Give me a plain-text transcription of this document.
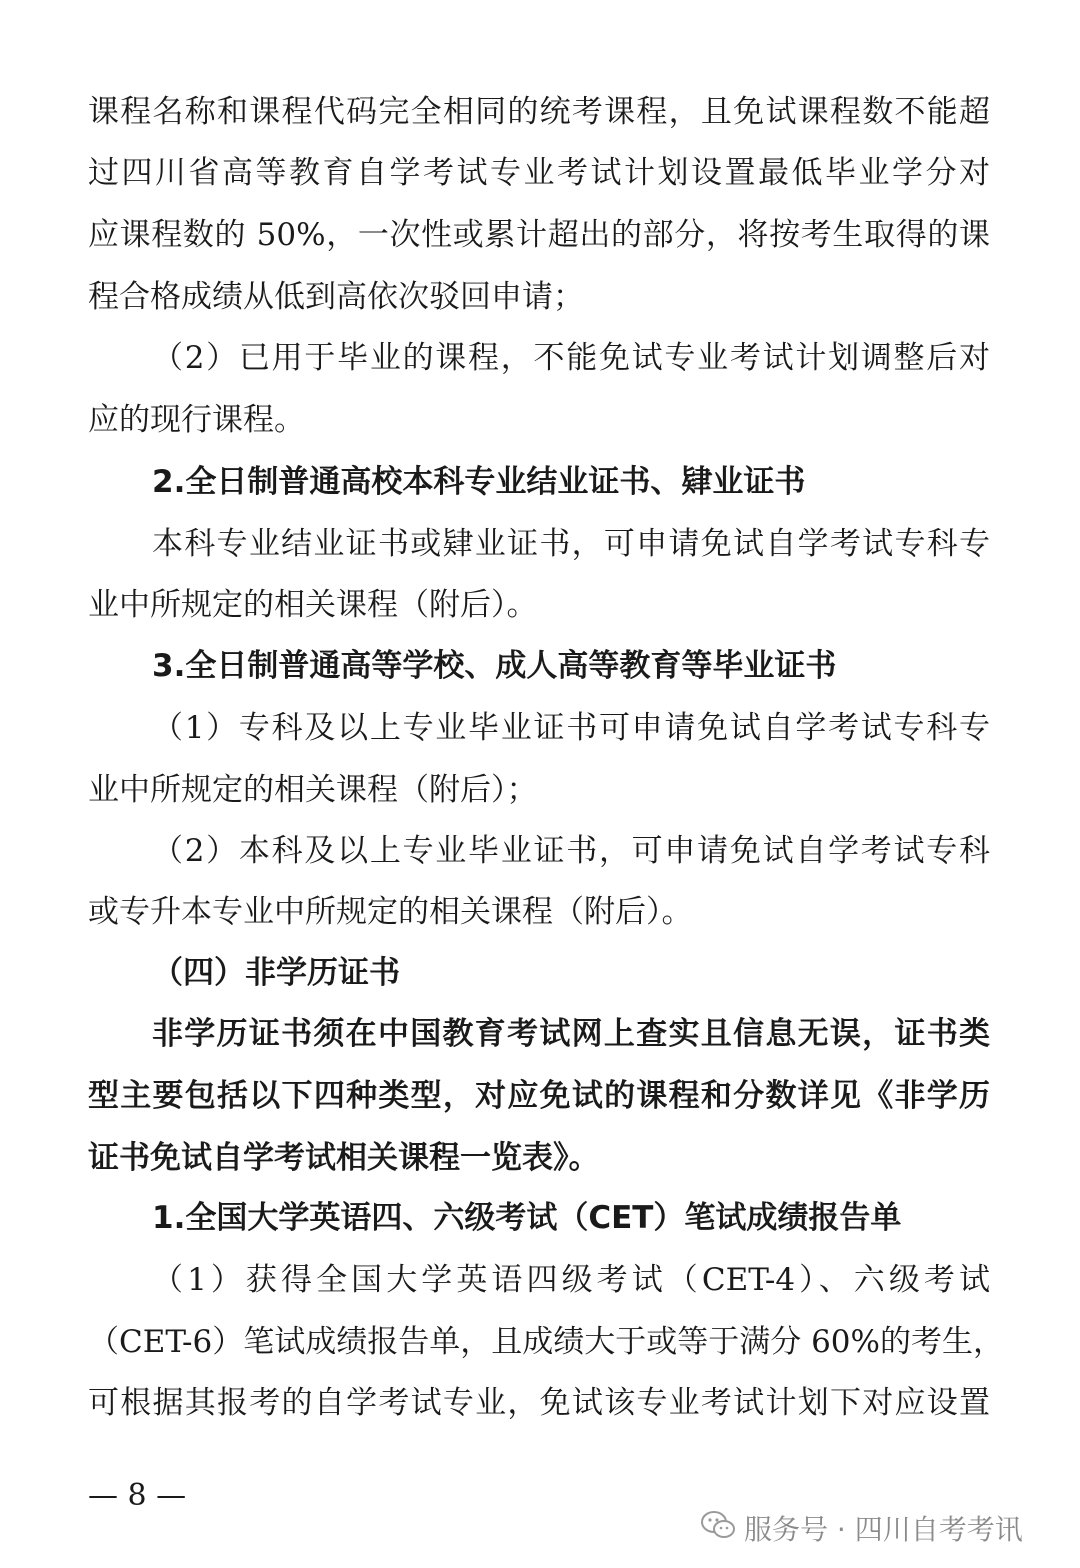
课程名称和课程代码完全相同的统考课程，且免试课程数不能超
过四川省高等教育自学考试专业考试计划设置最低毕业学分对
应课程数的 50%，一次性或累计超出的部分，将按考生取得的课
程合格成绩从低到高依次驳回申请；
（2）已用于毕业的课程，不能免试专业考试计划调整后对
应的现行课程。
2.全日制普通高校本科专业结业证书、肄业证书
本科专业结业证书或肄业证书，可申请免试自学考试专科专
业中所规定的相关课程（附后）。
3.全日制普通高等学校、成人高等教育等毕业证书
（1）专科及以上专业毕业证书可申请免试自学考试专科专
业中所规定的相关课程（附后）；
（2）本科及以上专业毕业证书，可申请免试自学考试专科
或专升本专业中所规定的相关课程（附后）。
（四）非学历证书
非学历证书须在中国教育考试网上查实且信息无误，证书类
型主要包括以下四种类型，对应免试的课程和分数详见《非学历
证书免试自学考试相关课程一览表》。
1.全国大学英语四、六级考试（CET）笔试成绩报告单
（1）获得全国大学英语四级考试（CET-4）、六级考试
（CET-6）笔试成绩报告单，且成绩大于或等于满分 60%的考生，
可根据其报考的自学考试专业，免试该专业考试计划下对应设置
— 8 —
服务号 · 四川自考考讯
